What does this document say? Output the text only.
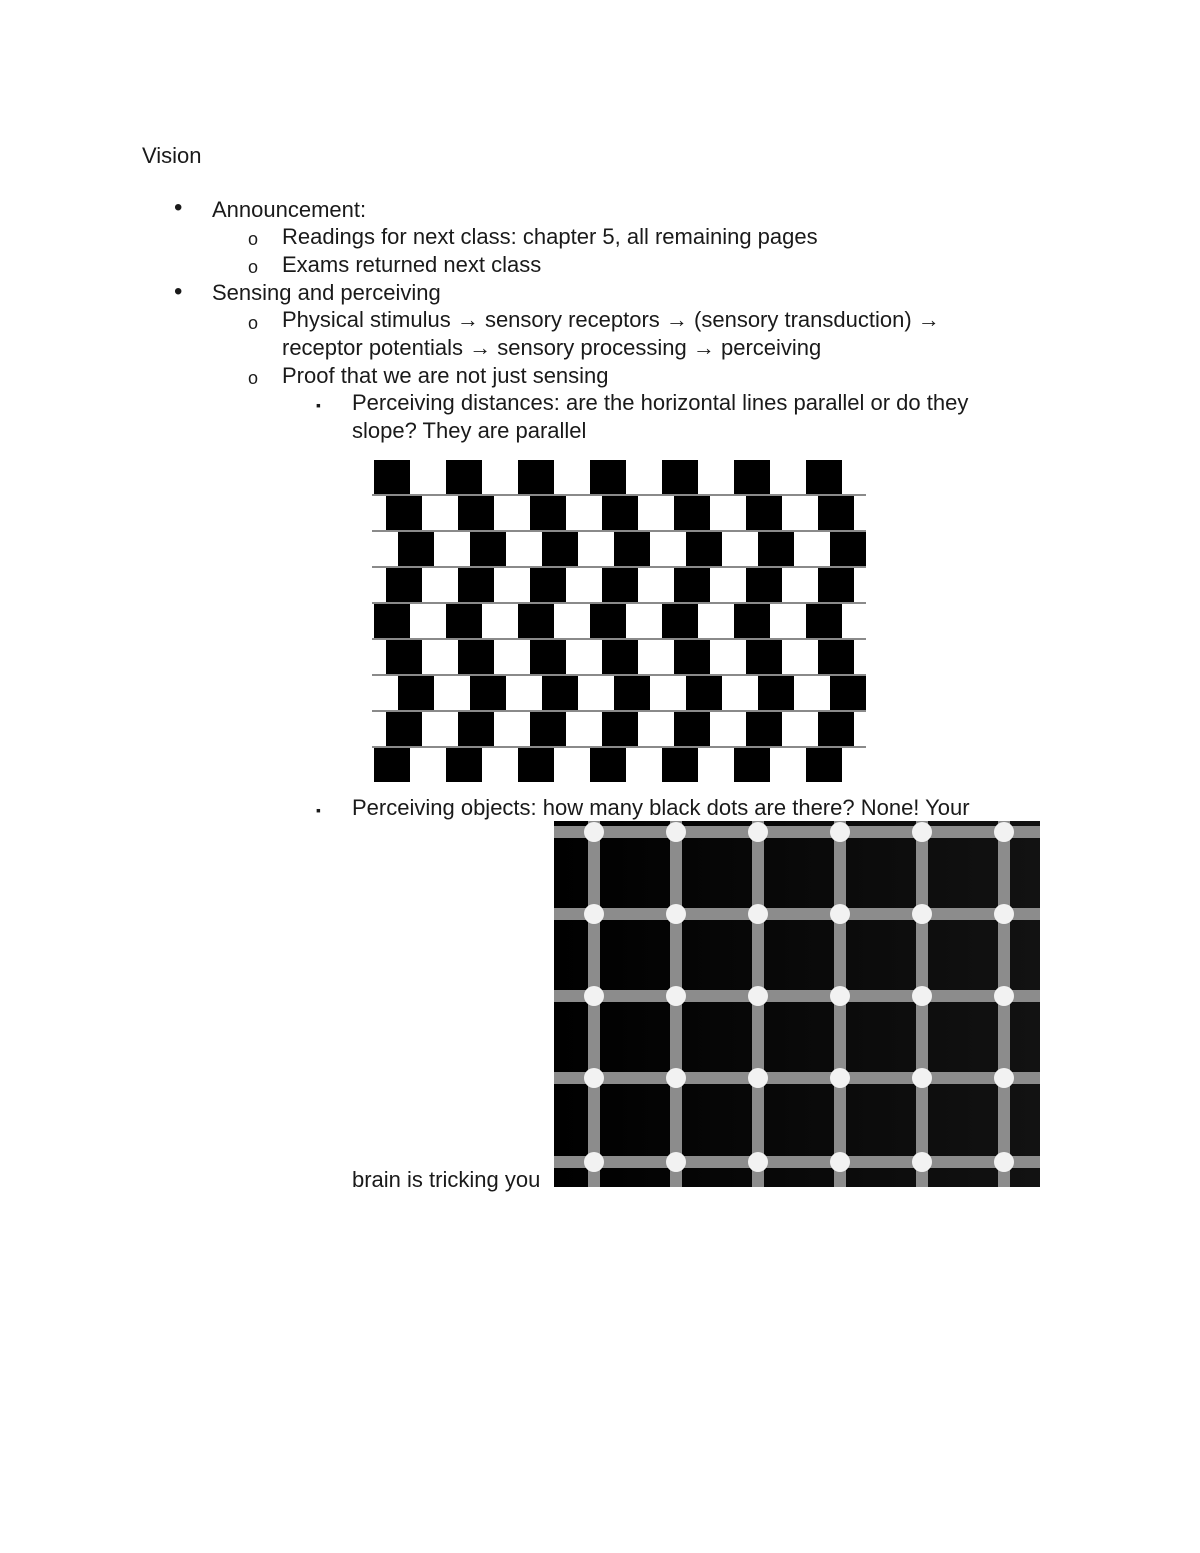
Vision
• Announcement:
o Readings for next class: chapter 5, all remaining pages
o Exams returned next class
• Sensing and perceiving
o Physical stimulus → sensory receptors → (sensory transduction) →
receptor potentials → sensory processing → perceiving
o Proof that we are not just sensing
▪ Perceiving distances: are the horizontal lines parallel or do they
slope? They are parallel
▪ Perceiving objects: how many black dots are there? None! Your
brain is tricking you
